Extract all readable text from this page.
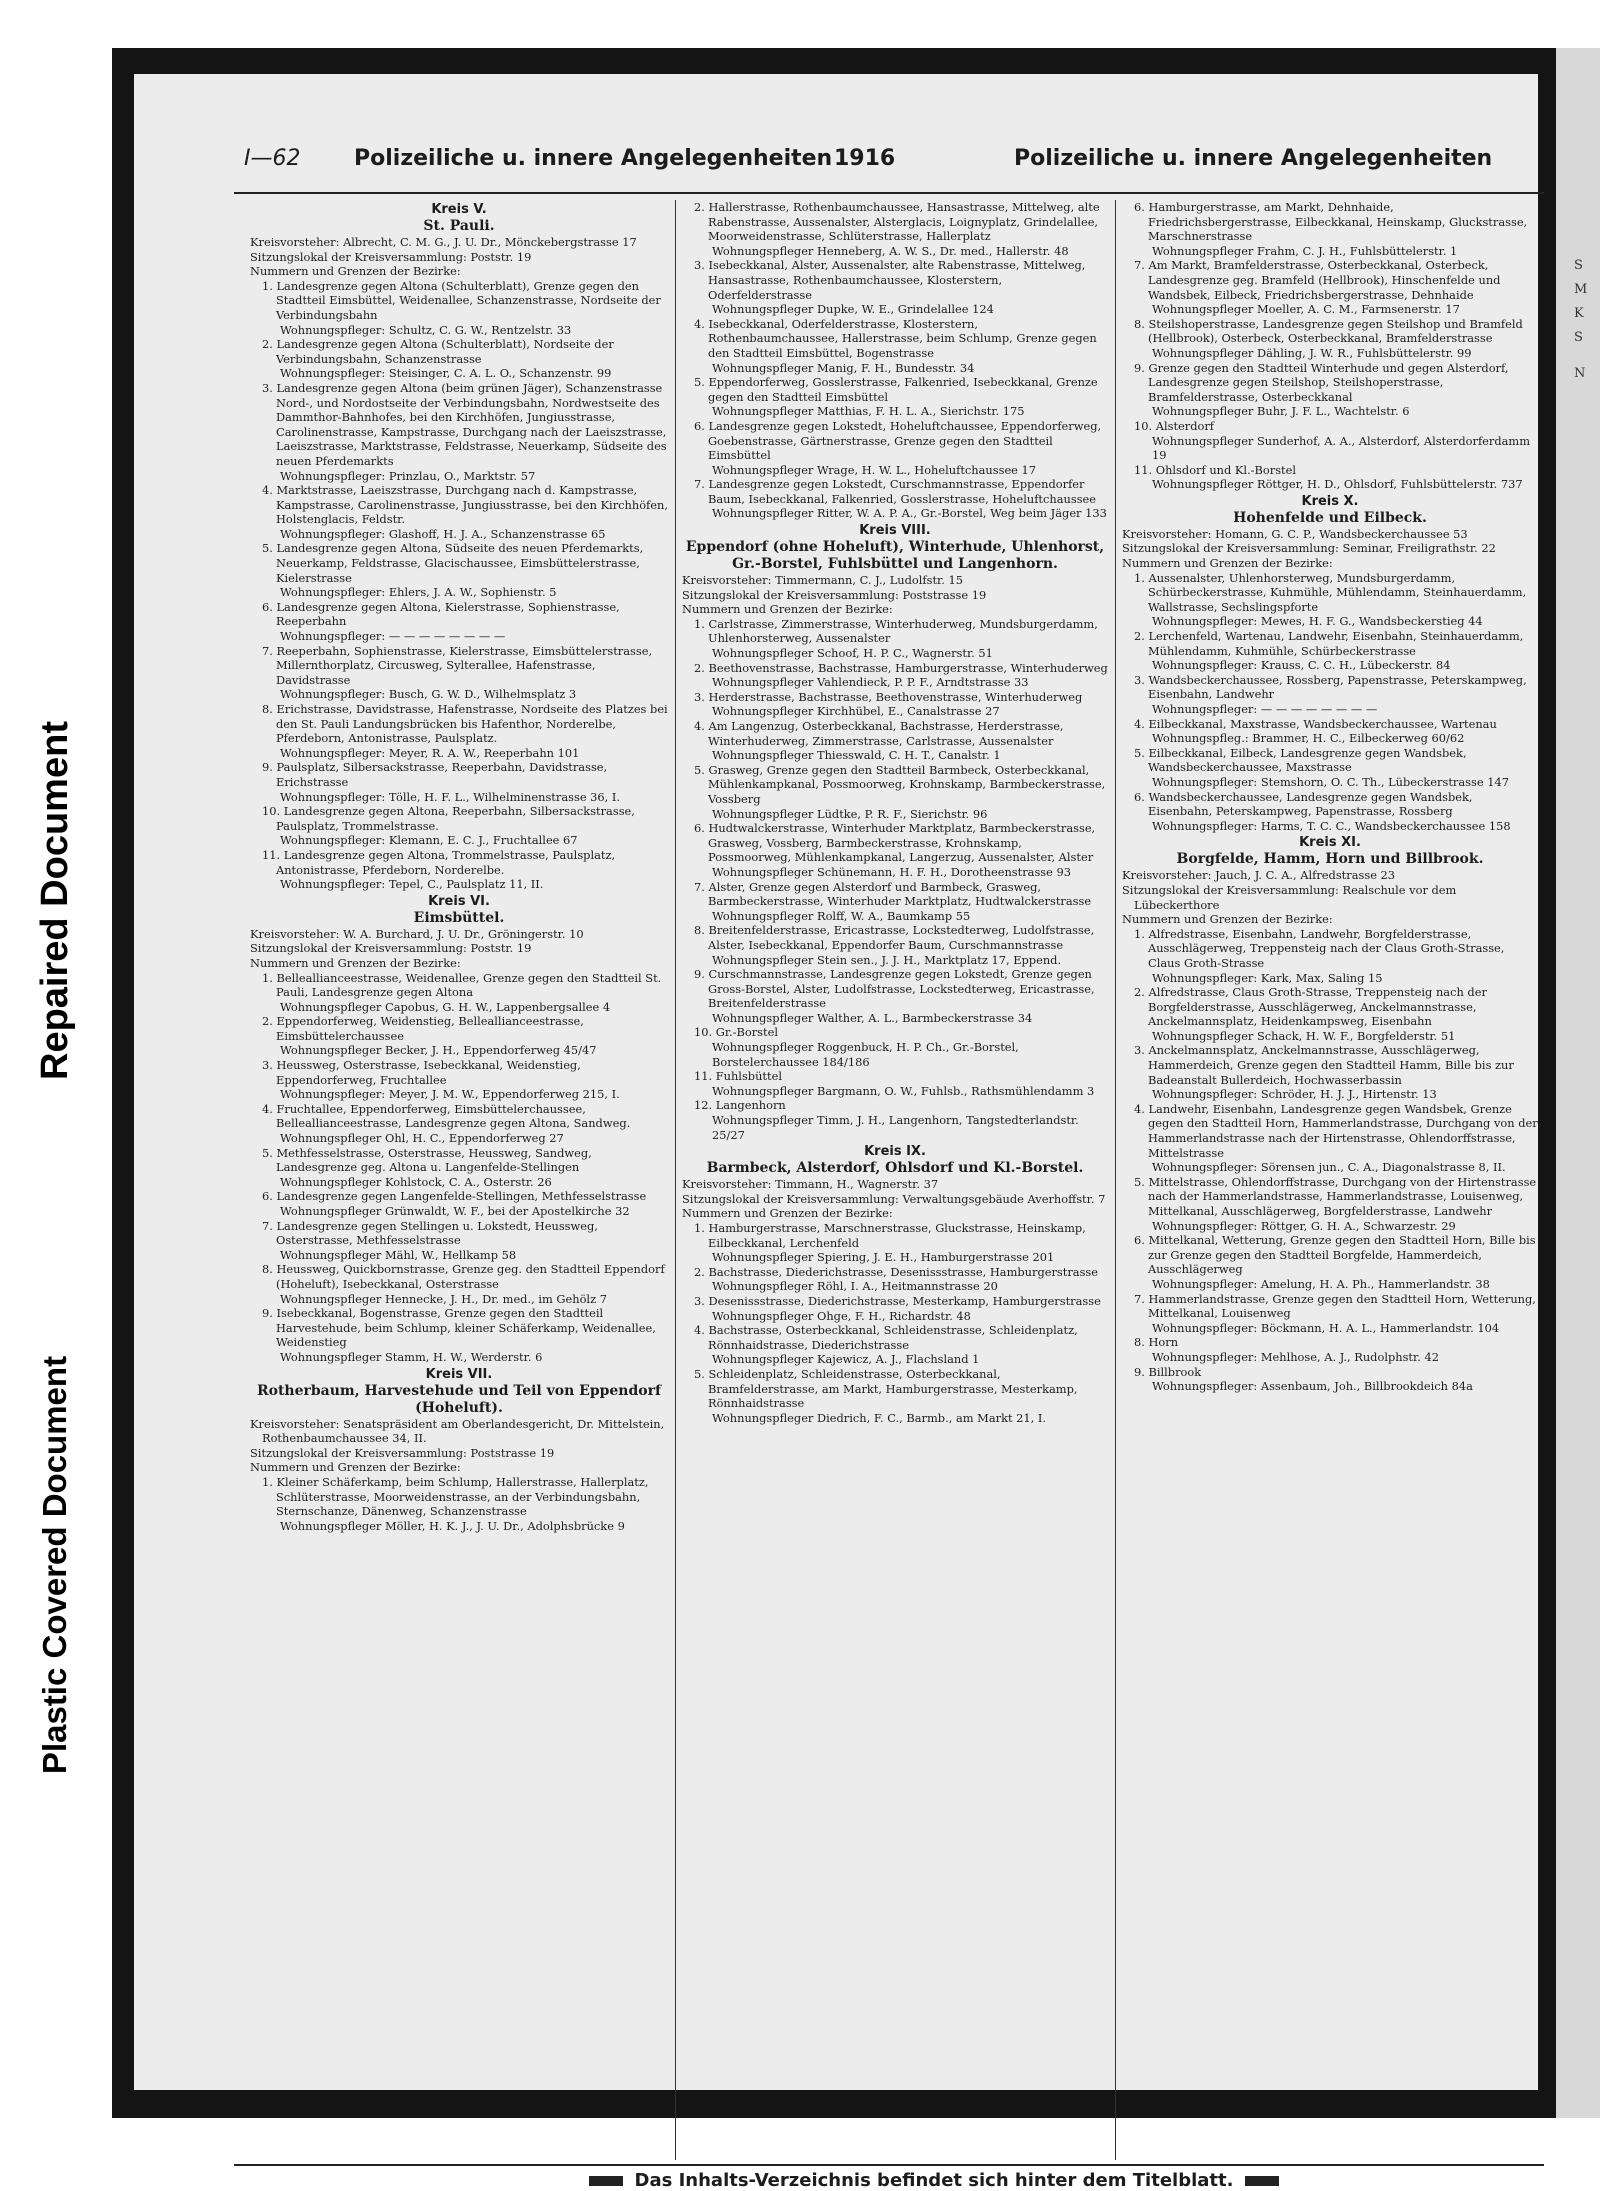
Repaired Document
Plastic Covered Document
I—62 Polizeiliche u. innere Angelegenheiten 1916	Polizeiliche u. innere Angelegenheiten
Kreis V.
St. Pauli.

Kreisvorsteher: Albrecht, C. M. G., J. U. Dr., Mönckebergstrasse 17

Sitzungslokal der Kreisversammlung: Poststr. 19

Nummern und Grenzen der Bezirke:

1. Landesgrenze gegen Altona (Schulterblatt), Grenze gegen den Stadtteil Eimsbüttel, Weidenallee, Schanzenstrasse, Nordseite der Verbindungsbahn

Wohnungspfleger: Schultz, C. G. W., Rentzelstr. 33

2. Landesgrenze gegen Altona (Schulterblatt), Nordseite der Verbindungsbahn, Schanzenstrasse

Wohnungspfleger: Steisinger, C. A. L. O., Schanzenstr. 99

3. Landesgrenze gegen Altona (beim grünen Jäger), Schanzenstrasse Nord-, und Nordostseite der Verbindungsbahn, Nordwestseite des Dammthor-Bahnhofes, bei den Kirchhöfen, Jungiusstrasse, Carolinenstrasse, Kampstrasse, Durchgang nach der Laeiszstrasse, Laeiszstrasse, Marktstrasse, Feldstrasse, Neuerkamp, Südseite des neuen Pferdemarkts

Wohnungspfleger: Prinzlau, O., Marktstr. 57

4. Marktstrasse, Laeiszstrasse, Durchgang nach d. Kampstrasse, Kampstrasse, Carolinenstrasse, Jungiusstrasse, bei den Kirchhöfen, Holstenglacis, Feldstr.

Wohnungspfleger: Glashoff, H. J. A., Schanzenstrasse 65

5. Landesgrenze gegen Altona, Südseite des neuen Pferdemarkts, Neuerkamp, Feldstrasse, Glacischaussee, Eimsbüttelerstrasse, Kielerstrasse

Wohnungspfleger: Ehlers, J. A. W., Sophienstr. 5

6. Landesgrenze gegen Altona, Kielerstrasse, Sophienstrasse, Reeperbahn

Wohnungspfleger: — — — — — — — —

7. Reeperbahn, Sophienstrasse, Kielerstrasse, Eimsbüttelerstrasse, Millernthorplatz, Circusweg, Sylterallee, Hafenstrasse, Davidstrasse

Wohnungspfleger: Busch, G. W. D., Wilhelmsplatz 3

8. Erichstrasse, Davidstrasse, Hafenstrasse, Nordseite des Platzes bei den St. Pauli Landungsbrücken bis Hafenthor, Norderelbe, Pferdeborn, Antonistrasse, Paulsplatz.

Wohnungspfleger: Meyer, R. A. W., Reeperbahn 101

9. Paulsplatz, Silbersackstrasse, Reeperbahn, Davidstrasse, Erichstrasse

Wohnungspfleger: Tölle, H. F. L., Wilhelminenstrasse 36, I.

10. Landesgrenze gegen Altona, Reeperbahn, Silbersackstrasse, Paulsplatz, Trommelstrasse.

Wohnungspfleger: Klemann, E. C. J., Fruchtallee 67

11. Landesgrenze gegen Altona, Trommelstrasse, Paulsplatz, Antonistrasse, Pferdeborn, Norderelbe.

Wohnungspfleger: Tepel, C., Paulsplatz 11, II.

Kreis VI.
Eimsbüttel.

Kreisvorsteher: W. A. Burchard, J. U. Dr., Gröningerstr. 10

Sitzungslokal der Kreisversammlung: Poststr. 19

Nummern und Grenzen der Bezirke:

1. Belleallianceestrasse, Weidenallee, Grenze gegen den Stadtteil St. Pauli, Landesgrenze gegen Altona

Wohnungspfleger Capobus, G. H. W., Lappenbergsallee 4

2. Eppendorferweg, Weidenstieg, Belleallianceestrasse, Eimsbüttelerchaussee

Wohnungspfleger Becker, J. H., Eppendorferweg 45/47

3. Heussweg, Osterstrasse, Isebeckkanal, Weidenstieg, Eppendorferweg, Fruchtallee

Wohnungspfleger: Meyer, J. M. W., Eppendorferweg 215, I.

4. Fruchtallee, Eppendorferweg, Eimsbüttelerchaussee, Belleallianceestrasse, Landesgrenze gegen Altona, Sandweg.

Wohnungspfleger Ohl, H. C., Eppendorferweg 27

5. Methfesselstrasse, Osterstrasse, Heussweg, Sandweg, Landesgrenze geg. Altona u. Langenfelde-Stellingen

Wohnungspfleger Kohlstock, C. A., Osterstr. 26

6. Landesgrenze gegen Langenfelde-Stellingen, Methfesselstrasse

Wohnungspfleger Grünwaldt, W. F., bei der Apostelkirche 32

7. Landesgrenze gegen Stellingen u. Lokstedt, Heussweg, Osterstrasse, Methfesselstrasse

Wohnungspfleger Mähl, W., Hellkamp 58

8. Heussweg, Quickbornstrasse, Grenze geg. den Stadtteil Eppendorf (Hoheluft), Isebeckkanal, Osterstrasse

Wohnungspfleger Hennecke, J. H., Dr. med., im Gehölz 7

9. Isebeckkanal, Bogenstrasse, Grenze gegen den Stadtteil Harvestehude, beim Schlump, kleiner Schäferkamp, Weidenallee, Weidenstieg

Wohnungspfleger Stamm, H. W., Werderstr. 6

Kreis VII.
Rotherbaum, Harvestehude und Teil von Eppendorf (Hoheluft).

Kreisvorsteher: Senatspräsident am Oberlandesgericht, Dr. Mittelstein, Rothenbaumchaussee 34, II.

Sitzungslokal der Kreisversammlung: Poststrasse 19

Nummern und Grenzen der Bezirke:

1. Kleiner Schäferkamp, beim Schlump, Hallerstrasse, Hallerplatz, Schlüterstrasse, Moorweidenstrasse, an der Verbindungsbahn, Sternschanze, Dänenweg, Schanzenstrasse

Wohnungspfleger Möller, H. K. J., J. U. Dr., Adolphsbrücke 9

2. Hallerstrasse, Rothenbaumchaussee, Hansastrasse, Mittelweg, alte Rabenstrasse, Aussenalster, Alsterglacis, Loignyplatz, Grindelallee, Moorweidenstrasse, Schlüterstrasse, Hallerplatz

Wohnungspfleger Henneberg, A. W. S., Dr. med., Hallerstr. 48

3. Isebeckkanal, Alster, Aussenalster, alte Rabenstrasse, Mittelweg, Hansastrasse, Rothenbaumchaussee, Klosterstern, Oderfelderstrasse

Wohnungspfleger Dupke, W. E., Grindelallee 124

4. Isebeckkanal, Oderfelderstrasse, Klosterstern, Rothenbaumchaussee, Hallerstrasse, beim Schlump, Grenze gegen den Stadtteil Eimsbüttel, Bogenstrasse

Wohnungspfleger Manig, F. H., Bundesstr. 34

5. Eppendorferweg, Gosslerstrasse, Falkenried, Isebeckkanal, Grenze gegen den Stadtteil Eimsbüttel

Wohnungspfleger Matthias, F. H. L. A., Sierichstr. 175

6. Landesgrenze gegen Lokstedt, Hoheluftchaussee, Eppendorferweg, Goebenstrasse, Gärtnerstrasse, Grenze gegen den Stadtteil Eimsbüttel

Wohnungspfleger Wrage, H. W. L., Hoheluftchaussee 17

7. Landesgrenze gegen Lokstedt, Curschmannstrasse, Eppendorfer Baum, Isebeckkanal, Falkenried, Gosslerstrasse, Hoheluftchaussee

Wohnungspfleger Ritter, W. A. P. A., Gr.-Borstel, Weg beim Jäger 133

Kreis VIII.
Eppendorf (ohne Hoheluft), Winterhude, Uhlenhorst, Gr.-Borstel, Fuhlsbüttel und Langenhorn.

Kreisvorsteher: Timmermann, C. J., Ludolfstr. 15

Sitzungslokal der Kreisversammlung: Poststrasse 19

Nummern und Grenzen der Bezirke:

1. Carlstrasse, Zimmerstrasse, Winterhuderweg, Mundsburgerdamm, Uhlenhorsterweg, Aussenalster

Wohnungspfleger Schoof, H. P. C., Wagnerstr. 51

2. Beethovenstrasse, Bachstrasse, Hamburgerstrasse, Winterhuderweg

Wohnungspfleger Vahlendieck, P. P. F., Arndtstrasse 33

3. Herderstrasse, Bachstrasse, Beethovenstrasse, Winterhuderweg

Wohnungspfleger Kirchhübel, E., Canalstrasse 27

4. Am Langenzug, Osterbeckkanal, Bachstrasse, Herderstrasse, Winterhuderweg, Zimmerstrasse, Carlstrasse, Aussenalster

Wohnungspfleger Thiesswald, C. H. T., Canalstr. 1

5. Grasweg, Grenze gegen den Stadtteil Barmbeck, Osterbeckkanal, Mühlenkampkanal, Possmoorweg, Krohnskamp, Barmbeckerstrasse, Vossberg

Wohnungspfleger Lüdtke, P. R. F., Sierichstr. 96

6. Hudtwalckerstrasse, Winterhuder Marktplatz, Barmbeckerstrasse, Grasweg, Vossberg, Barmbeckerstrasse, Krohnskamp, Possmoorweg, Mühlenkampkanal, Langerzug, Aussenalster, Alster

Wohnungspfleger Schünemann, H. F. H., Dorotheenstrasse 93

7. Alster, Grenze gegen Alsterdorf und Barmbeck, Grasweg, Barmbeckerstrasse, Winterhuder Marktplatz, Hudtwalckerstrasse

Wohnungspfleger Rolff, W. A., Baumkamp 55

8. Breitenfelderstrasse, Ericastrasse, Lockstedterweg, Ludolfstrasse, Alster, Isebeckkanal, Eppendorfer Baum, Curschmannstrasse

Wohnungspfleger Stein sen., J. J. H., Marktplatz 17, Eppend.

9. Curschmannstrasse, Landesgrenze gegen Lokstedt, Grenze gegen Gross-Borstel, Alster, Ludolfstrasse, Lockstedterweg, Ericastrasse, Breitenfelderstrasse

Wohnungspfleger Walther, A. L., Barmbeckerstrasse 34

10. Gr.-Borstel

Wohnungspfleger Roggenbuck, H. P. Ch., Gr.-Borstel, Borstelerchaussee 184/186

11. Fuhlsbüttel

Wohnungspfleger Bargmann, O. W., Fuhlsb., Rathsmühlendamm 3

12. Langenhorn

Wohnungspfleger Timm, J. H., Langenhorn, Tangstedterlandstr. 25/27

Kreis IX.
Barmbeck, Alsterdorf, Ohlsdorf und Kl.-Borstel.

Kreisvorsteher: Timmann, H., Wagnerstr. 37

Sitzungslokal der Kreisversammlung: Verwaltungsgebäude Averhoffstr. 7

Nummern und Grenzen der Bezirke:

1. Hamburgerstrasse, Marschnerstrasse, Gluckstrasse, Heinskamp, Eilbeckkanal, Lerchenfeld

Wohnungspfleger Spiering, J. E. H., Hamburgerstrasse 201

2. Bachstrasse, Diederichstrasse, Desenissstrasse, Hamburgerstrasse

Wohnungspfleger Röhl, I. A., Heitmannstrasse 20

3. Desenissstrasse, Diederichstrasse, Mesterkamp, Hamburgerstrasse

Wohnungspfleger Ohge, F. H., Richardstr. 48

4. Bachstrasse, Osterbeckkanal, Schleidenstrasse, Schleidenplatz, Rönnhaidstrasse, Diederichstrasse

Wohnungspfleger Kajewicz, A. J., Flachsland 1

5. Schleidenplatz, Schleidenstrasse, Osterbeckkanal, Bramfelderstrasse, am Markt, Hamburgerstrasse, Mesterkamp, Rönnhaidstrasse

Wohnungspfleger Diedrich, F. C., Barmb., am Markt 21, I.

6. Hamburgerstrasse, am Markt, Dehnhaide, Friedrichsbergerstrasse, Eilbeckkanal, Heinskamp, Gluckstrasse, Marschnerstrasse

Wohnungspfleger Frahm, C. J. H., Fuhlsbüttelerstr. 1

7. Am Markt, Bramfelderstrasse, Osterbeckkanal, Osterbeck, Landesgrenze geg. Bramfeld (Hellbrook), Hinschenfelde und Wandsbek, Eilbeck, Friedrichsbergerstrasse, Dehnhaide

Wohnungspfleger Moeller, A. C. M., Farmsenerstr. 17

8. Steilshoperstrasse, Landesgrenze gegen Steilshop und Bramfeld (Hellbrook), Osterbeck, Osterbeckkanal, Bramfelderstrasse

Wohnungspfleger Dähling, J. W. R., Fuhlsbüttelerstr. 99

9. Grenze gegen den Stadtteil Winterhude und gegen Alsterdorf, Landesgrenze gegen Steilshop, Steilshoperstrasse, Bramfelderstrasse, Osterbeckkanal

Wohnungspfleger Buhr, J. F. L., Wachtelstr. 6

10. Alsterdorf

Wohnungspfleger Sunderhof, A. A., Alsterdorf, Alsterdorferdamm 19

11. Ohlsdorf und Kl.-Borstel

Wohnungspfleger Röttger, H. D., Ohlsdorf, Fuhlsbüttelerstr. 737

Kreis X.
Hohenfelde und Eilbeck.

Kreisvorsteher: Homann, G. C. P., Wandsbeckerchaussee 53

Sitzungslokal der Kreisversammlung: Seminar, Freiligrathstr. 22

Nummern und Grenzen der Bezirke:

1. Aussenalster, Uhlenhorsterweg, Mundsburgerdamm, Schürbeckerstrasse, Kuhmühle, Mühlendamm, Steinhauerdamm, Wallstrasse, Sechslingspforte

Wohnungspfleger: Mewes, H. F. G., Wandsbeckerstieg 44

2. Lerchenfeld, Wartenau, Landwehr, Eisenbahn, Steinhauerdamm, Mühlendamm, Kuhmühle, Schürbeckerstrasse

Wohnungspfleger: Krauss, C. C. H., Lübeckerstr. 84

3. Wandsbeckerchaussee, Rossberg, Papenstrasse, Peterskampweg, Eisenbahn, Landwehr

Wohnungspfleger: — — — — — — — —

4. Eilbeckkanal, Maxstrasse, Wandsbeckerchaussee, Wartenau

Wohnungspfleg.: Brammer, H. C., Eilbeckerweg 60/62

5. Eilbeckkanal, Eilbeck, Landesgrenze gegen Wandsbek, Wandsbeckerchaussee, Maxstrasse

Wohnungspfleger: Stemshorn, O. C. Th., Lübeckerstrasse 147

6. Wandsbeckerchaussee, Landesgrenze gegen Wandsbek, Eisenbahn, Peterskampweg, Papenstrasse, Rossberg

Wohnungspfleger: Harms, T. C. C., Wandsbeckerchaussee 158

Kreis XI.
Borgfelde, Hamm, Horn und Billbrook.

Kreisvorsteher: Jauch, J. C. A., Alfredstrasse 23

Sitzungslokal der Kreisversammlung: Realschule vor dem Lübeckerthore

Nummern und Grenzen der Bezirke:

1. Alfredstrasse, Eisenbahn, Landwehr, Borgfelderstrasse, Ausschlägerweg, Treppensteig nach der Claus Groth-Strasse, Claus Groth-Strasse

Wohnungspfleger: Kark, Max, Saling 15

2. Alfredstrasse, Claus Groth-Strasse, Treppensteig nach der Borgfelderstrasse, Ausschlägerweg, Anckelmannstrasse, Anckelmannsplatz, Heidenkampsweg, Eisenbahn

Wohnungspfleger Schack, H. W. F., Borgfelderstr. 51

3. Anckelmannsplatz, Anckelmannstrasse, Ausschlägerweg, Hammerdeich, Grenze gegen den Stadtteil Hamm, Bille bis zur Badeanstalt Bullerdeich, Hochwasserbassin

Wohnungspfleger: Schröder, H. J. J., Hirtenstr. 13

4. Landwehr, Eisenbahn, Landesgrenze gegen Wandsbek, Grenze gegen den Stadtteil Horn, Hammerlandstrasse, Durchgang von der Hammerlandstrasse nach der Hirtenstrasse, Ohlendorffstrasse, Mittelstrasse

Wohnungspfleger: Sörensen jun., C. A., Diagonalstrasse 8, II.

5. Mittelstrasse, Ohlendorffstrasse, Durchgang von der Hirtenstrasse nach der Hammerlandstrasse, Hammerlandstrasse, Louisenweg, Mittelkanal, Ausschlägerweg, Borgfelderstrasse, Landwehr

Wohnungspfleger: Röttger, G. H. A., Schwarzestr. 29

6. Mittelkanal, Wetterung, Grenze gegen den Stadtteil Horn, Bille bis zur Grenze gegen den Stadtteil Borgfelde, Hammerdeich, Ausschlägerweg

Wohnungspfleger: Amelung, H. A. Ph., Hammerlandstr. 38

7. Hammerlandstrasse, Grenze gegen den Stadtteil Horn, Wetterung, Mittelkanal, Louisenweg

Wohnungspfleger: Böckmann, H. A. L., Hammerlandstr. 104

8. Horn

Wohnungspfleger: Mehlhose, A. J., Rudolphstr. 42

9. Billbrook

Wohnungspfleger: Assenbaum, Joh., Billbrookdeich 84a

Das Inhalts-Verzeichnis befindet sich hinter dem Titelblatt.
S
M
K
S
N
